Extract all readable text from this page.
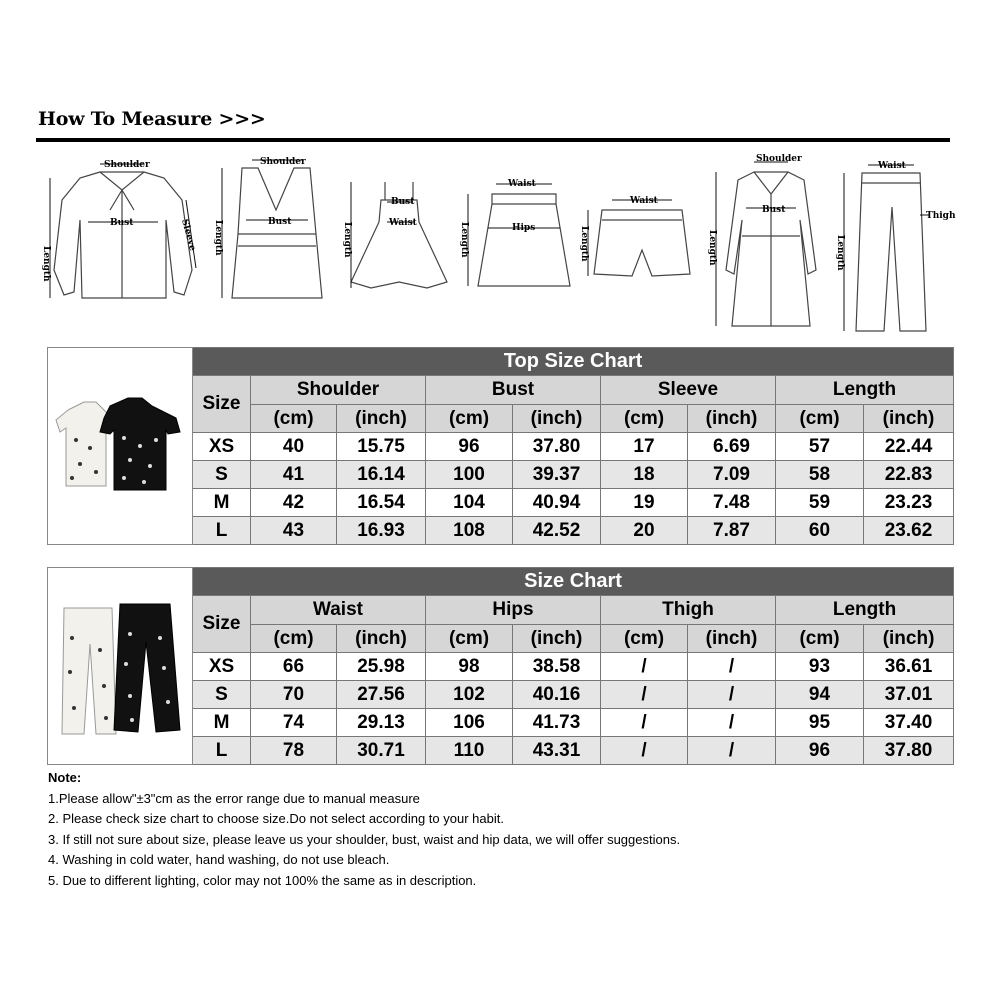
How To Measure >>>
Shoulder
Bust
Length
Sleeve
Shoulder
Bust
Length
Bust
Waist
Length
Waist
Hips
Length
Waist
Length
Shoulder
Bust
Length
Waist
Thigh
Length
	Top Size Chart								
	Size	Shoulder		Bust		Sleeve		Length	
		(cm)	(inch)	(cm)	(inch)	(cm)	(inch)	(cm)	(inch)
	XS	40	15.75	96	37.80	17	6.69	57	22.44
	S	41	16.14	100	39.37	18	7.09	58	22.83
	M	42	16.54	104	40.94	19	7.48	59	23.23
	L	43	16.93	108	42.52	20	7.87	60	23.62
	Size Chart								
	Size	Waist		Hips		Thigh		Length	
		(cm)	(inch)	(cm)	(inch)	(cm)	(inch)	(cm)	(inch)
	XS	66	25.98	98	38.58	/	/	93	36.61
	S	70	27.56	102	40.16	/	/	94	37.01
	M	74	29.13	106	41.73	/	/	95	37.40
	L	78	30.71	110	43.31	/	/	96	37.80
Note:
1.Please allow"±3"cm as the error range due to manual measure
2. Please check size chart to choose size.Do not select according to your habit.
3. If still not sure about size, please leave us your shoulder, bust, waist and hip data, we will offer suggestions.
4. Washing in cold water, hand washing, do not use bleach.
5. Due to different lighting, color may not 100% the same as in description.
